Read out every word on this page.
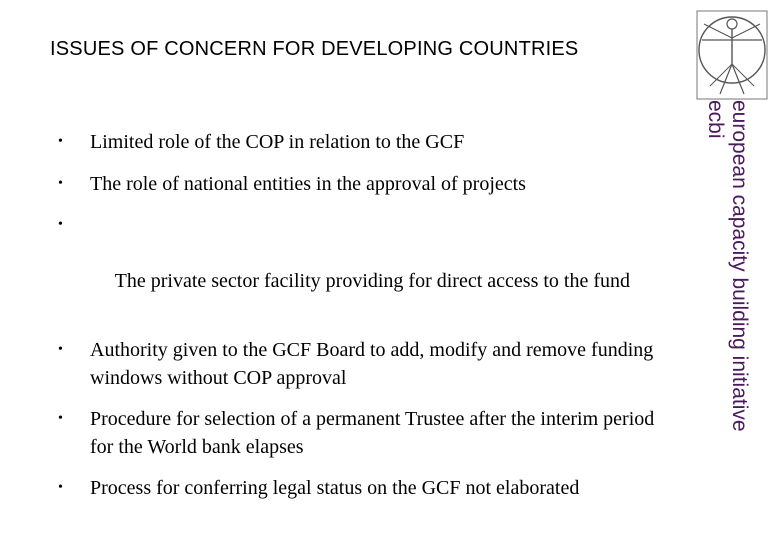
ISSUES OF CONCERN FOR DEVELOPING COUNTRIES
european capacity building initiative
ecbi
• Limited role of the COP in relation to the GCF
• The role of national entities in the approval of projects

•

The private sector facility providing for direct access to the fund

• Authority given to the GCF Board to add, modify and remove funding windows without COP approval
• Procedure for selection of a permanent Trustee after the interim period for the World bank elapses
• Process for conferring legal status on the GCF not elaborated
